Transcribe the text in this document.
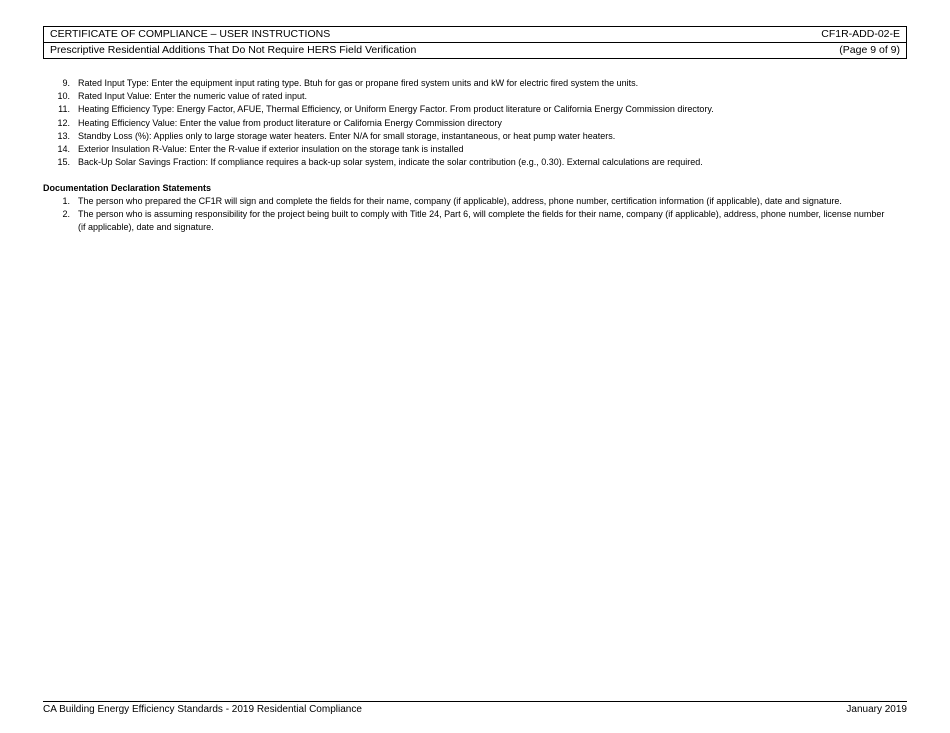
CERTIFICATE OF COMPLIANCE – USER INSTRUCTIONS	CF1R-ADD-02-E
Prescriptive Residential Additions That Do Not Require HERS Field Verification	(Page 9 of 9)
9. Rated Input Type: Enter the equipment input rating type. Btuh for gas or propane fired system units and kW for electric fired system the units.
10. Rated Input Value: Enter the numeric value of rated input.
11. Heating Efficiency Type: Energy Factor, AFUE, Thermal Efficiency, or Uniform Energy Factor. From product literature or California Energy Commission directory.
12. Heating Efficiency Value: Enter the value from product literature or California Energy Commission directory
13. Standby Loss (%): Applies only to large storage water heaters. Enter N/A for small storage, instantaneous, or heat pump water heaters.
14. Exterior Insulation R-Value: Enter the R-value if exterior insulation on the storage tank is installed
15. Back-Up Solar Savings Fraction: If compliance requires a back-up solar system, indicate the solar contribution (e.g., 0.30). External calculations are required.
Documentation Declaration Statements
1. The person who prepared the CF1R will sign and complete the fields for their name, company (if applicable), address, phone number, certification information (if applicable), date and signature.
2. The person who is assuming responsibility for the project being built to comply with Title 24, Part 6, will complete the fields for their name, company (if applicable), address, phone number, license number (if applicable), date and signature.
CA Building Energy Efficiency Standards - 2019 Residential Compliance	January 2019
